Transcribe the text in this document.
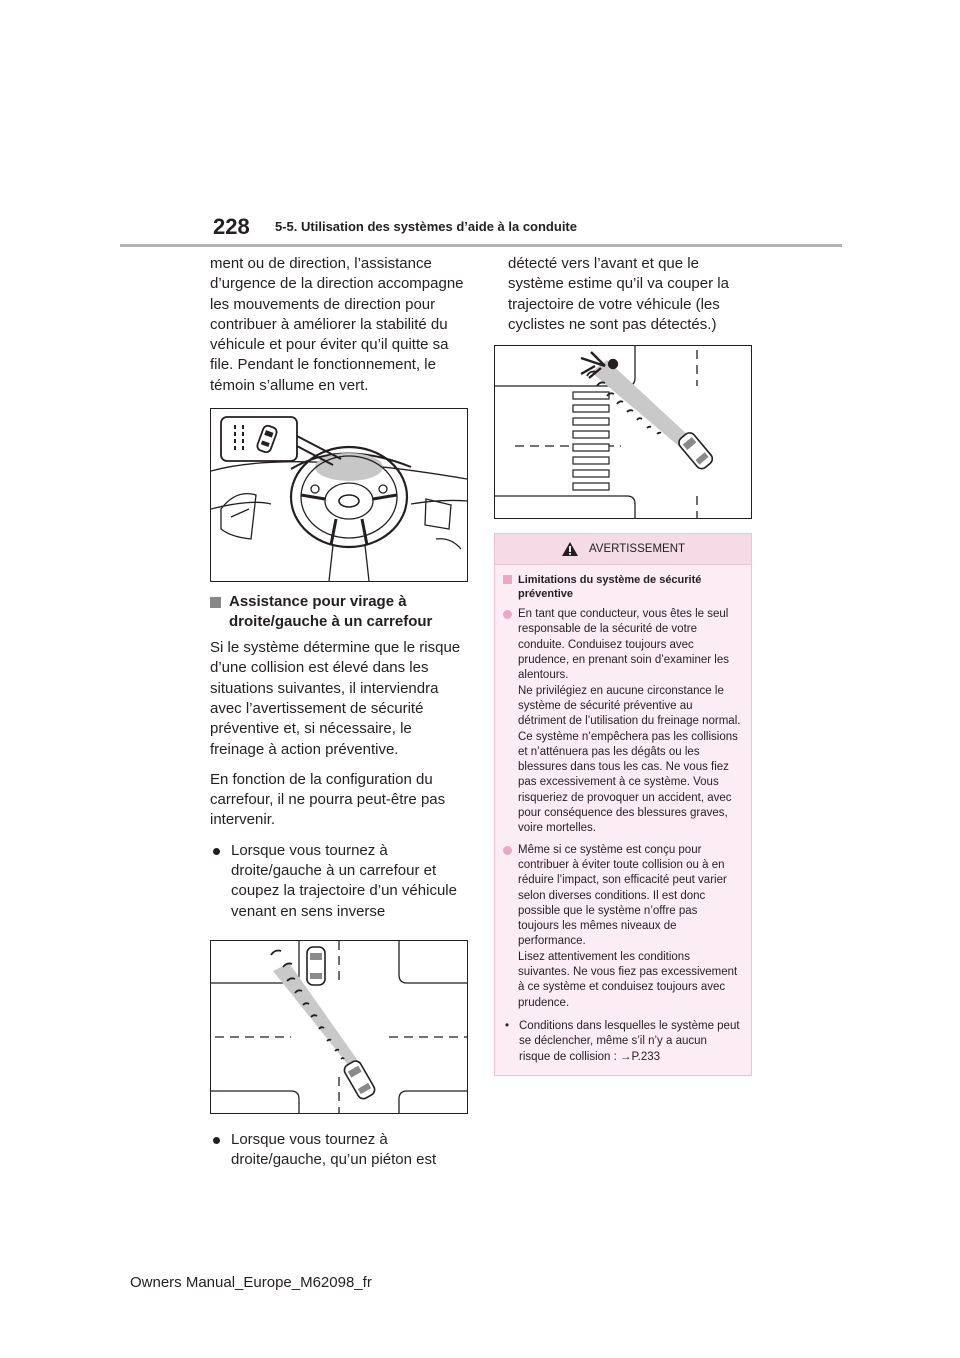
228 5-5. Utilisation des systèmes d’aide à la conduite

ment ou de direction, l’assistance d’urgence de la direction accompagne les mouvements de direction pour contribuer à améliorer la stabilité du véhicule et pour éviter qu’il quitte sa file. Pendant le fonctionnement, le témoin s’allume en vert.

Assistance pour virage à droite/gauche à un carrefour

Si le système détermine que le risque d’une collision est élevé dans les situations suivantes, il interviendra avec l’avertissement de sécurité préventive et, si nécessaire, le freinage à action préventive.

En fonction de la configuration du carrefour, il ne pourra peut-être pas intervenir.

Lorsque vous tournez à droite/gauche à un carrefour et coupez la trajectoire d’un véhicule venant en sens inverse
Lorsque vous tournez à droite/gauche, qu’un piéton est

détecté vers l’avant et que le système estime qu’il va couper la trajectoire de votre véhicule (les cyclistes ne sont pas détectés.)

AVERTISSEMENT
Limitations du système de sécurité préventive
En tant que conducteur, vous êtes le seul responsable de la sécurité de votre conduite. Conduisez toujours avec prudence, en prenant soin d’examiner les alentours.
Ne privilégiez en aucune circonstance le système de sécurité préventive au détriment de l’utilisation du freinage normal. Ce système n’empêchera pas les collisions et n’atténuera pas les dégâts ou les blessures dans tous les cas. Ne vous fiez pas excessivement à ce système. Vous risqueriez de provoquer un accident, avec pour conséquence des blessures graves, voire mortelles.
Même si ce système est conçu pour contribuer à éviter toute collision ou à en réduire l’impact, son efficacité peut varier selon diverses conditions. Il est donc possible que le système n’offre pas toujours les mêmes niveaux de performance.
Lisez attentivement les conditions suivantes. Ne vous fiez pas excessivement à ce système et conduisez toujours avec prudence.
• Conditions dans lesquelles le système peut se déclencher, même s’il n’y a aucun risque de collision : →P.233
Owners Manual_Europe_M62098_fr
